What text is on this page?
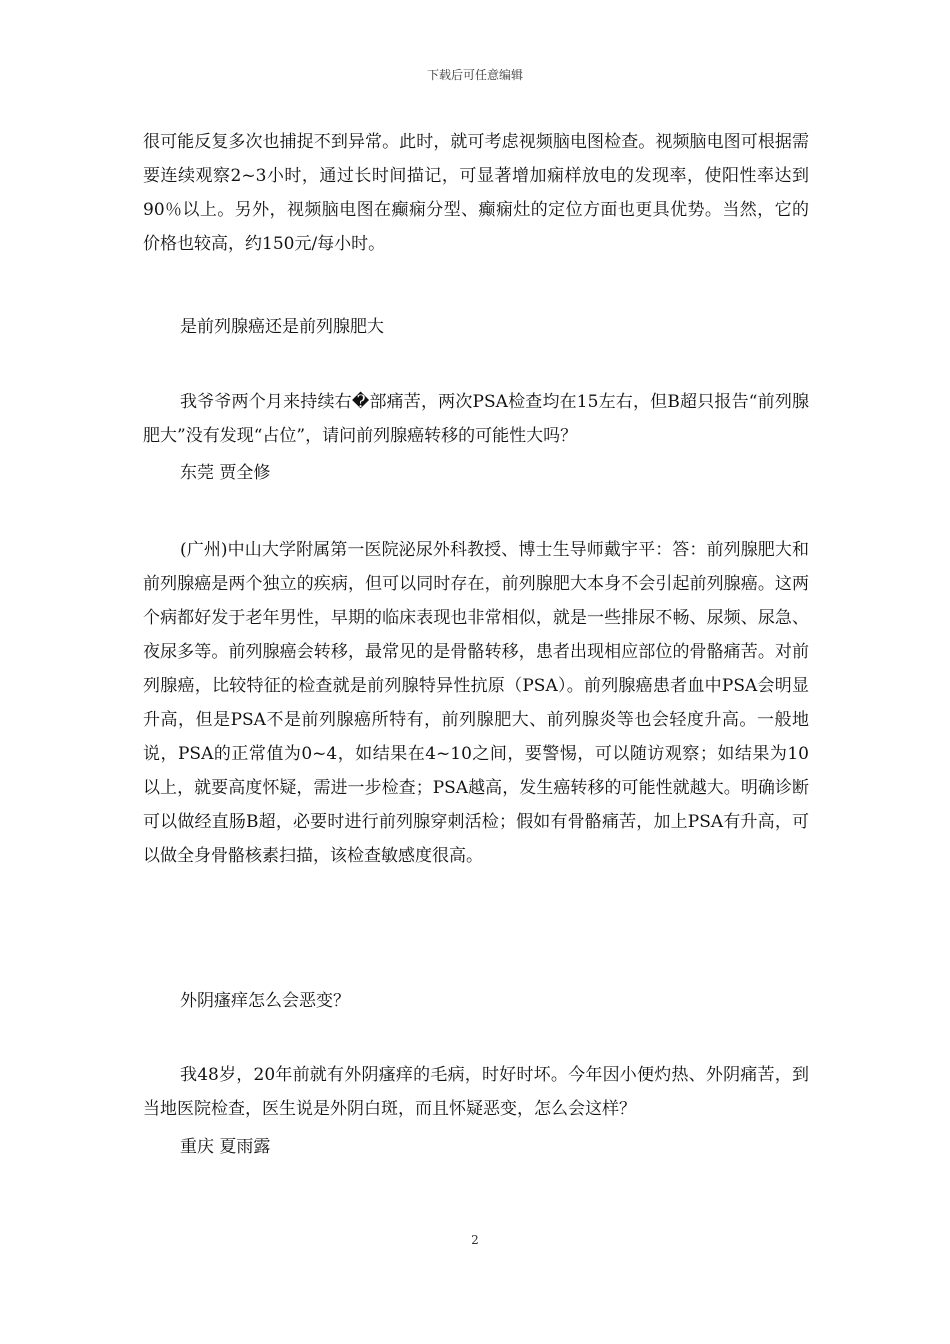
下载后可任意编辑

很可能反复多次也捕捉不到异常。此时，就可考虑视频脑电图检查。视频脑电图可根据需要连续观察2~3小时，通过长时间描记，可显著增加痫样放电的发现率，使阳性率达到90％以上。另外，视频脑电图在癫痫分型、癫痫灶的定位方面也更具优势。当然，它的价格也较高，约150元/每小时。

是前列腺癌还是前列腺肥大

我爷爷两个月来持续右�部痛苦，两次PSA检查均在15左右，但B超只报告“前列腺肥大”没有发现“占位”，请问前列腺癌转移的可能性大吗？

东莞 贾全修

(广州)中山大学附属第一医院泌尿外科教授、博士生导师戴宇平：答：前列腺肥大和前列腺癌是两个独立的疾病，但可以同时存在，前列腺肥大本身不会引起前列腺癌。这两个病都好发于老年男性，早期的临床表现也非常相似，就是一些排尿不畅、尿频、尿急、夜尿多等。前列腺癌会转移，最常见的是骨骼转移，患者出现相应部位的骨骼痛苦。对前列腺癌，比较特征的检查就是前列腺特异性抗原（PSA）。前列腺癌患者血中PSA会明显升高，但是PSA不是前列腺癌所特有，前列腺肥大、前列腺炎等也会轻度升高。一般地说，PSA的正常值为0~4，如结果在4~10之间，要警惕，可以随访观察；如结果为10以上，就要高度怀疑，需进一步检查；PSA越高，发生癌转移的可能性就越大。明确诊断可以做经直肠B超，必要时进行前列腺穿刺活检；假如有骨骼痛苦，加上PSA有升高，可以做全身骨骼核素扫描，该检查敏感度很高。

外阴瘙痒怎么会恶变？

我48岁，20年前就有外阴瘙痒的毛病，时好时坏。今年因小便灼热、外阴痛苦，到当地医院检查，医生说是外阴白斑，而且怀疑恶变，怎么会这样？

重庆 夏雨露

2
